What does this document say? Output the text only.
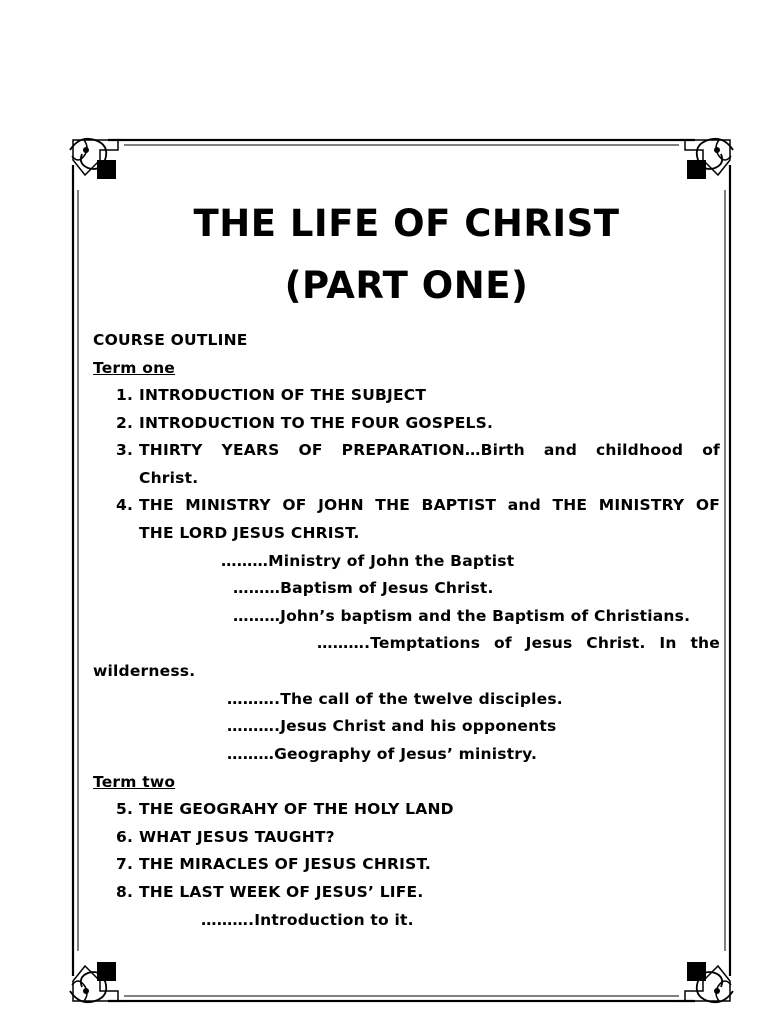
THE LIFE OF CHRIST
(PART ONE)
COURSE OUTLINE
Term one
1. INTRODUCTION OF THE SUBJECT
2. INTRODUCTION TO THE FOUR GOSPELS.
3. THIRTY YEARS OF PREPARATION…Birth and childhood of
Christ.
4. THE MINISTRY OF JOHN THE BAPTIST and THE MINISTRY OF
THE LORD JESUS CHRIST.
………Ministry of John the Baptist
………Baptism of Jesus Christ.
………John’s baptism and the Baptism of Christians.
……….Temptations of Jesus Christ. In the
wilderness.
……….The call of the twelve disciples.
……….Jesus Christ and his opponents
………Geography of Jesus’ ministry.
Term two
5. THE GEOGRAHY OF THE HOLY LAND
6. WHAT JESUS TAUGHT?
7. THE MIRACLES OF JESUS CHRIST.
8. THE LAST WEEK OF JESUS’ LIFE.
……….Introduction to it.
